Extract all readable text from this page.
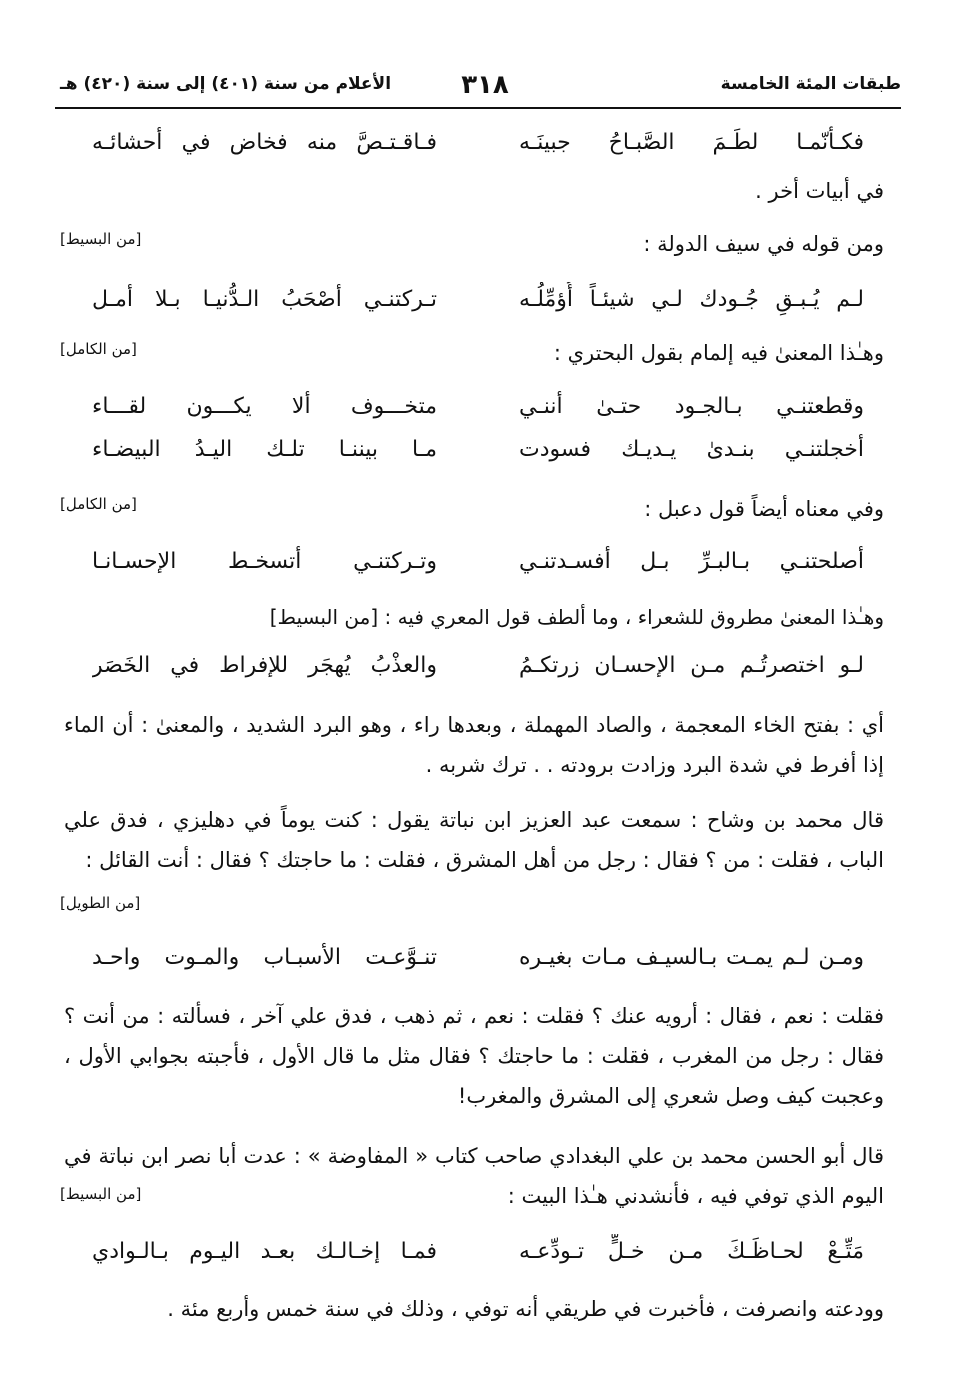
طبقات المئة الخامسة
٣١٨
الأعلام من سنة (٤٠١) إلى سنة (٤٢٠) هـ
فكـأنّمـا لطَـمَ الصَّبـاحُ جبينَـه
فـاقـتـصَّ منه فخاض في أحشائـه
في أبيات أخر .
ومن قوله في سيف الدولة :
[من البسيط]
لـم يُـبـقِ جُـودك لـي شيئـاً أُؤمِّلُـه
تـركتنـي أصْحَبُ الـدُّنيـا بـلا أمـل
وهـٰذا المعنىٰ فيه إلمام بقول البحتري :
[من الكامل]
وقطعتنـي بـالجـود حتـىٰ أننـي
متخـــوف ألا يكـــون لقـــاء
أخجلتنـي بنـدىٰ يـديـك فسودت
مـا بيننـا تلـك اليـدُ البيضـاء
وفي معناه أيضاً قول دعبل :
[من الكامل]
أصلحتنـي بـالبـرِّ بـل أفسـدتنـي
وتـركتنـي أتسخـط الإحسـانـا
وهـٰذا المعنىٰ مطروق للشعراء ، وما ألطف قول المعري فيه : [من البسيط]
لـو اختصرتُـم مـن الإحسـان زرتكـمُ
والعذْبُ يُهجَر للإفراط في الخَصَر
أي : بفتح الخاء المعجمة ، والصاد المهملة ، وبعدها راء ، وهو البرد الشديد ، والمعنىٰ : أن الماء إذا أفرط في شدة البرد وزادت برودته . . ترك شربه .
قال محمد بن وشاح : سمعت عبد العزيز ابن نباتة يقول : كنت يوماً في دهليزي ، فدق علي الباب ، فقلت : من ؟ فقال : رجل من أهل المشرق ، فقلت : ما حاجتك ؟ فقال : أنت القائل :
[من الطويل]
ومـن لـم يمـت بـالسيـف مـات بغيـره
تنـوَّعـت الأسبـاب والمـوت واحـد
فقلت : نعم ، فقال : أرويه عنك ؟ فقلت : نعم ، ثم ذهب ، فدق علي آخر ، فسألته : من أنت ؟ فقال : رجل من المغرب ، فقلت : ما حاجتك ؟ فقال مثل ما قال الأول ، فأجبته بجوابي الأول ، وعجبت كيف وصل شعري إلى المشرق والمغرب!
قال أبو الحسن محمد بن علي البغدادي صاحب كتاب « المفاوضة » : عدت أبا نصر ابن نباتة في اليوم الذي توفي فيه ، فأنشدني هـٰذا البيت :
[من البسيط]
مَتِّـعْ لحـاظَـكَ مـن خـلٍّ تـودِّعـه
فمـا إخـالـك بعـد اليـوم بـالـوادي
وودعته وانصرفت ، فأخبرت في طريقي أنه توفي ، وذلك في سنة خمس وأربع مئة .
